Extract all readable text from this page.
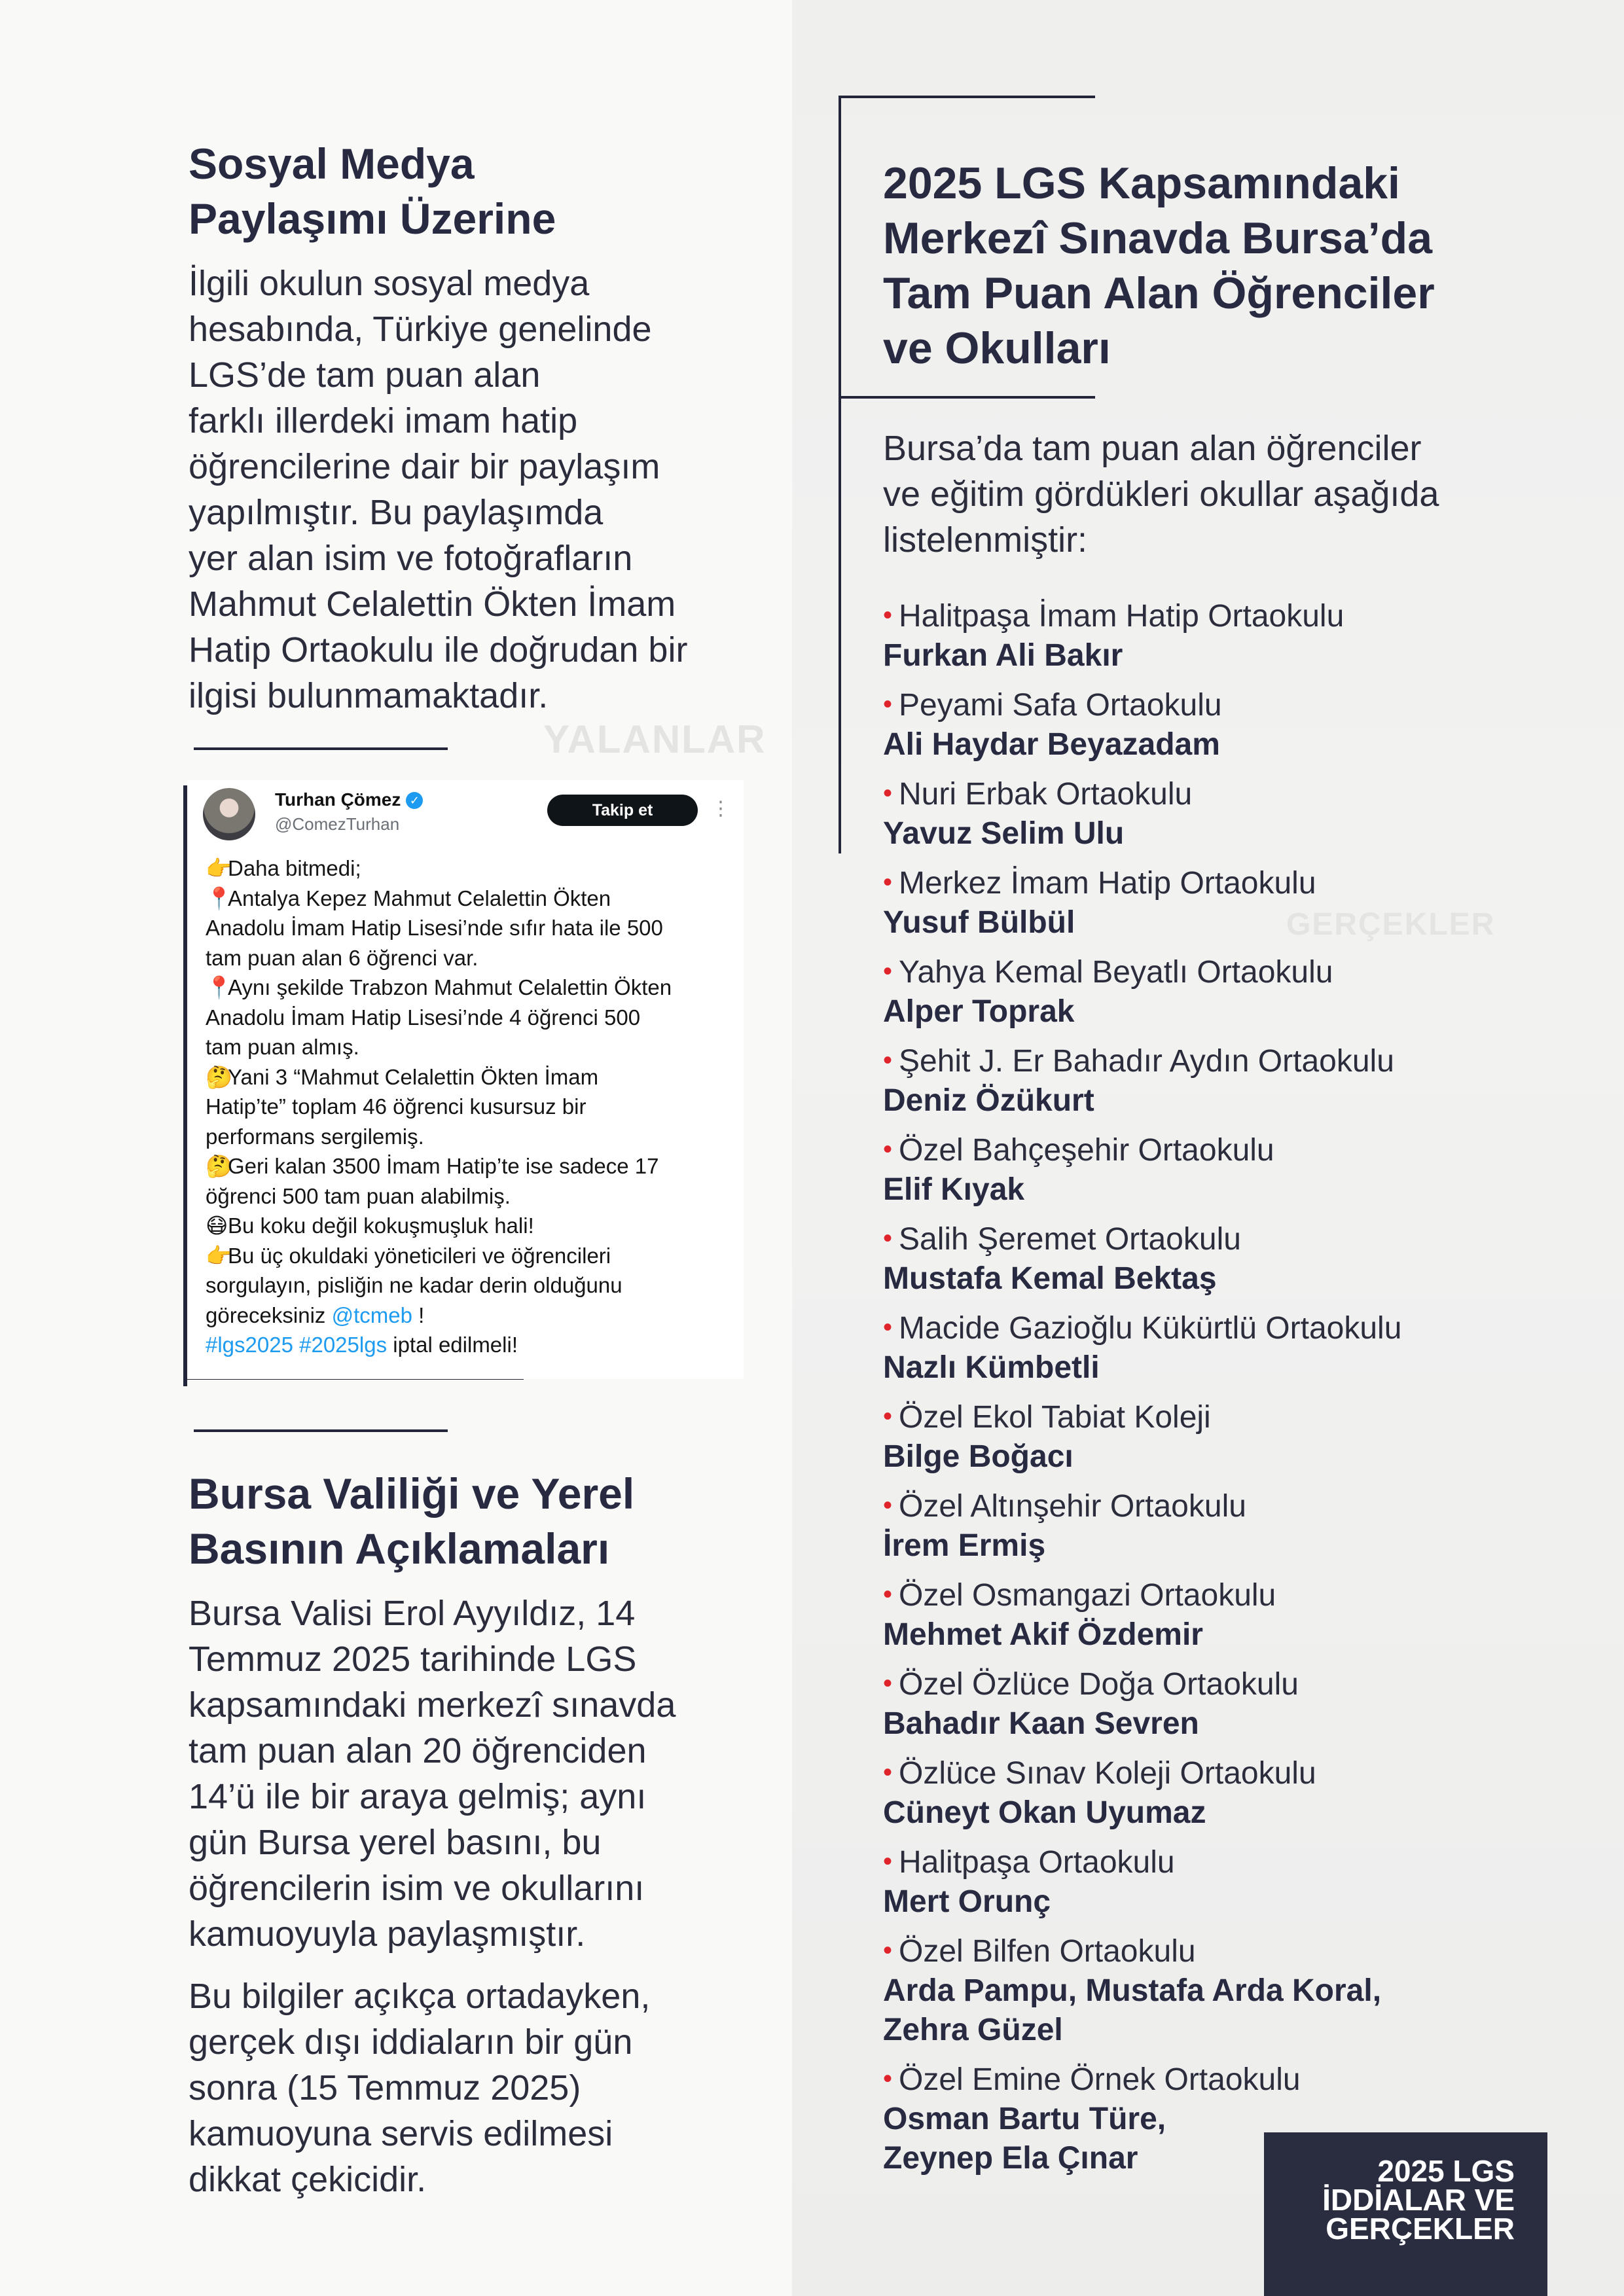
YALANLAR
GERÇEKLER
Sosyal Medya
Paylaşımı Üzerine

İlgili okulun sosyal medya
hesabında, Türkiye genelinde
LGS’de tam puan alan
farklı illerdeki imam hatip
öğrencilerine dair bir paylaşım
yapılmıştır. Bu paylaşımda
yer alan isim ve fotoğrafların
Mahmut Celalettin Ökten İmam
Hatip Ortaokulu ile doğrudan bir
ilgisi bulunmamaktadır.

Turhan Çömez ✓
@ComezTurhan
Takip et	⋮

👉Daha bitmedi;
📍Antalya Kepez Mahmut Celalettin Ökten
Anadolu İmam Hatip Lisesi’nde sıfır hata ile 500
tam puan alan 6 öğrenci var.
📍Aynı şekilde Trabzon Mahmut Celalettin Ökten
Anadolu İmam Hatip Lisesi’nde 4 öğrenci 500
tam puan almış.
🤔Yani 3 “Mahmut Celalettin Ökten İmam
Hatip’te” toplam 46 öğrenci kusursuz bir
performans sergilemiş.
🤔Geri kalan 3500 İmam Hatip’te ise sadece 17
öğrenci 500 tam puan alabilmiş.
😷Bu koku değil kokuşmuşluk hali!
👉Bu üç okuldaki yöneticileri ve öğrencileri
sorgulayın, pisliğin ne kadar derin olduğunu
göreceksiniz @tcmeb !
#lgs2025 #2025lgs iptal edilmeli!

Bursa Valiliği ve Yerel
Basının Açıklamaları

Bursa Valisi Erol Ayyıldız, 14
Temmuz 2025 tarihinde LGS
kapsamındaki merkezî sınavda
tam puan alan 20 öğrenciden
14’ü ile bir araya gelmiş; aynı
gün Bursa yerel basını, bu
öğrencilerin isim ve okullarını
kamuoyuyla paylaşmıştır.

Bu bilgiler açıkça ortadayken,
gerçek dışı iddiaların bir gün
sonra (15 Temmuz 2025)
kamuoyuna servis edilmesi
dikkat çekicidir.

2025 LGS Kapsamındaki
Merkezî Sınavda Bursa’da
Tam Puan Alan Öğrenciler
ve Okulları

Bursa’da tam puan alan öğrenciler
ve eğitim gördükleri okullar aşağıda
listelenmiştir:

• Halitpaşa İmam Hatip Ortaokulu
Furkan Ali Bakır
• Peyami Safa Ortaokulu
Ali Haydar Beyazadam
• Nuri Erbak Ortaokulu
Yavuz Selim Ulu
• Merkez İmam Hatip Ortaokulu
Yusuf Bülbül
• Yahya Kemal Beyatlı Ortaokulu
Alper Toprak
• Şehit J. Er Bahadır Aydın Ortaokulu
Deniz Özükurt
• Özel Bahçeşehir Ortaokulu
Elif Kıyak
• Salih Şeremet Ortaokulu
Mustafa Kemal Bektaş
• Macide Gazioğlu Kükürtlü Ortaokulu
Nazlı Kümbetli
• Özel Ekol Tabiat Koleji
Bilge Boğacı
• Özel Altınşehir Ortaokulu
İrem Ermiş
• Özel Osmangazi Ortaokulu
Mehmet Akif Özdemir
• Özel Özlüce Doğa Ortaokulu
Bahadır Kaan Sevren
• Özlüce Sınav Koleji Ortaokulu
Cüneyt Okan Uyumaz
• Halitpaşa Ortaokulu
Mert Orunç
• Özel Bilfen Ortaokulu
Arda Pampu, Mustafa Arda Koral,
Zehra Güzel
• Özel Emine Örnek Ortaokulu
Osman Bartu Türe,
Zeynep Ela Çınar	2025 LGS
İDDİALAR VE
GERÇEKLER
